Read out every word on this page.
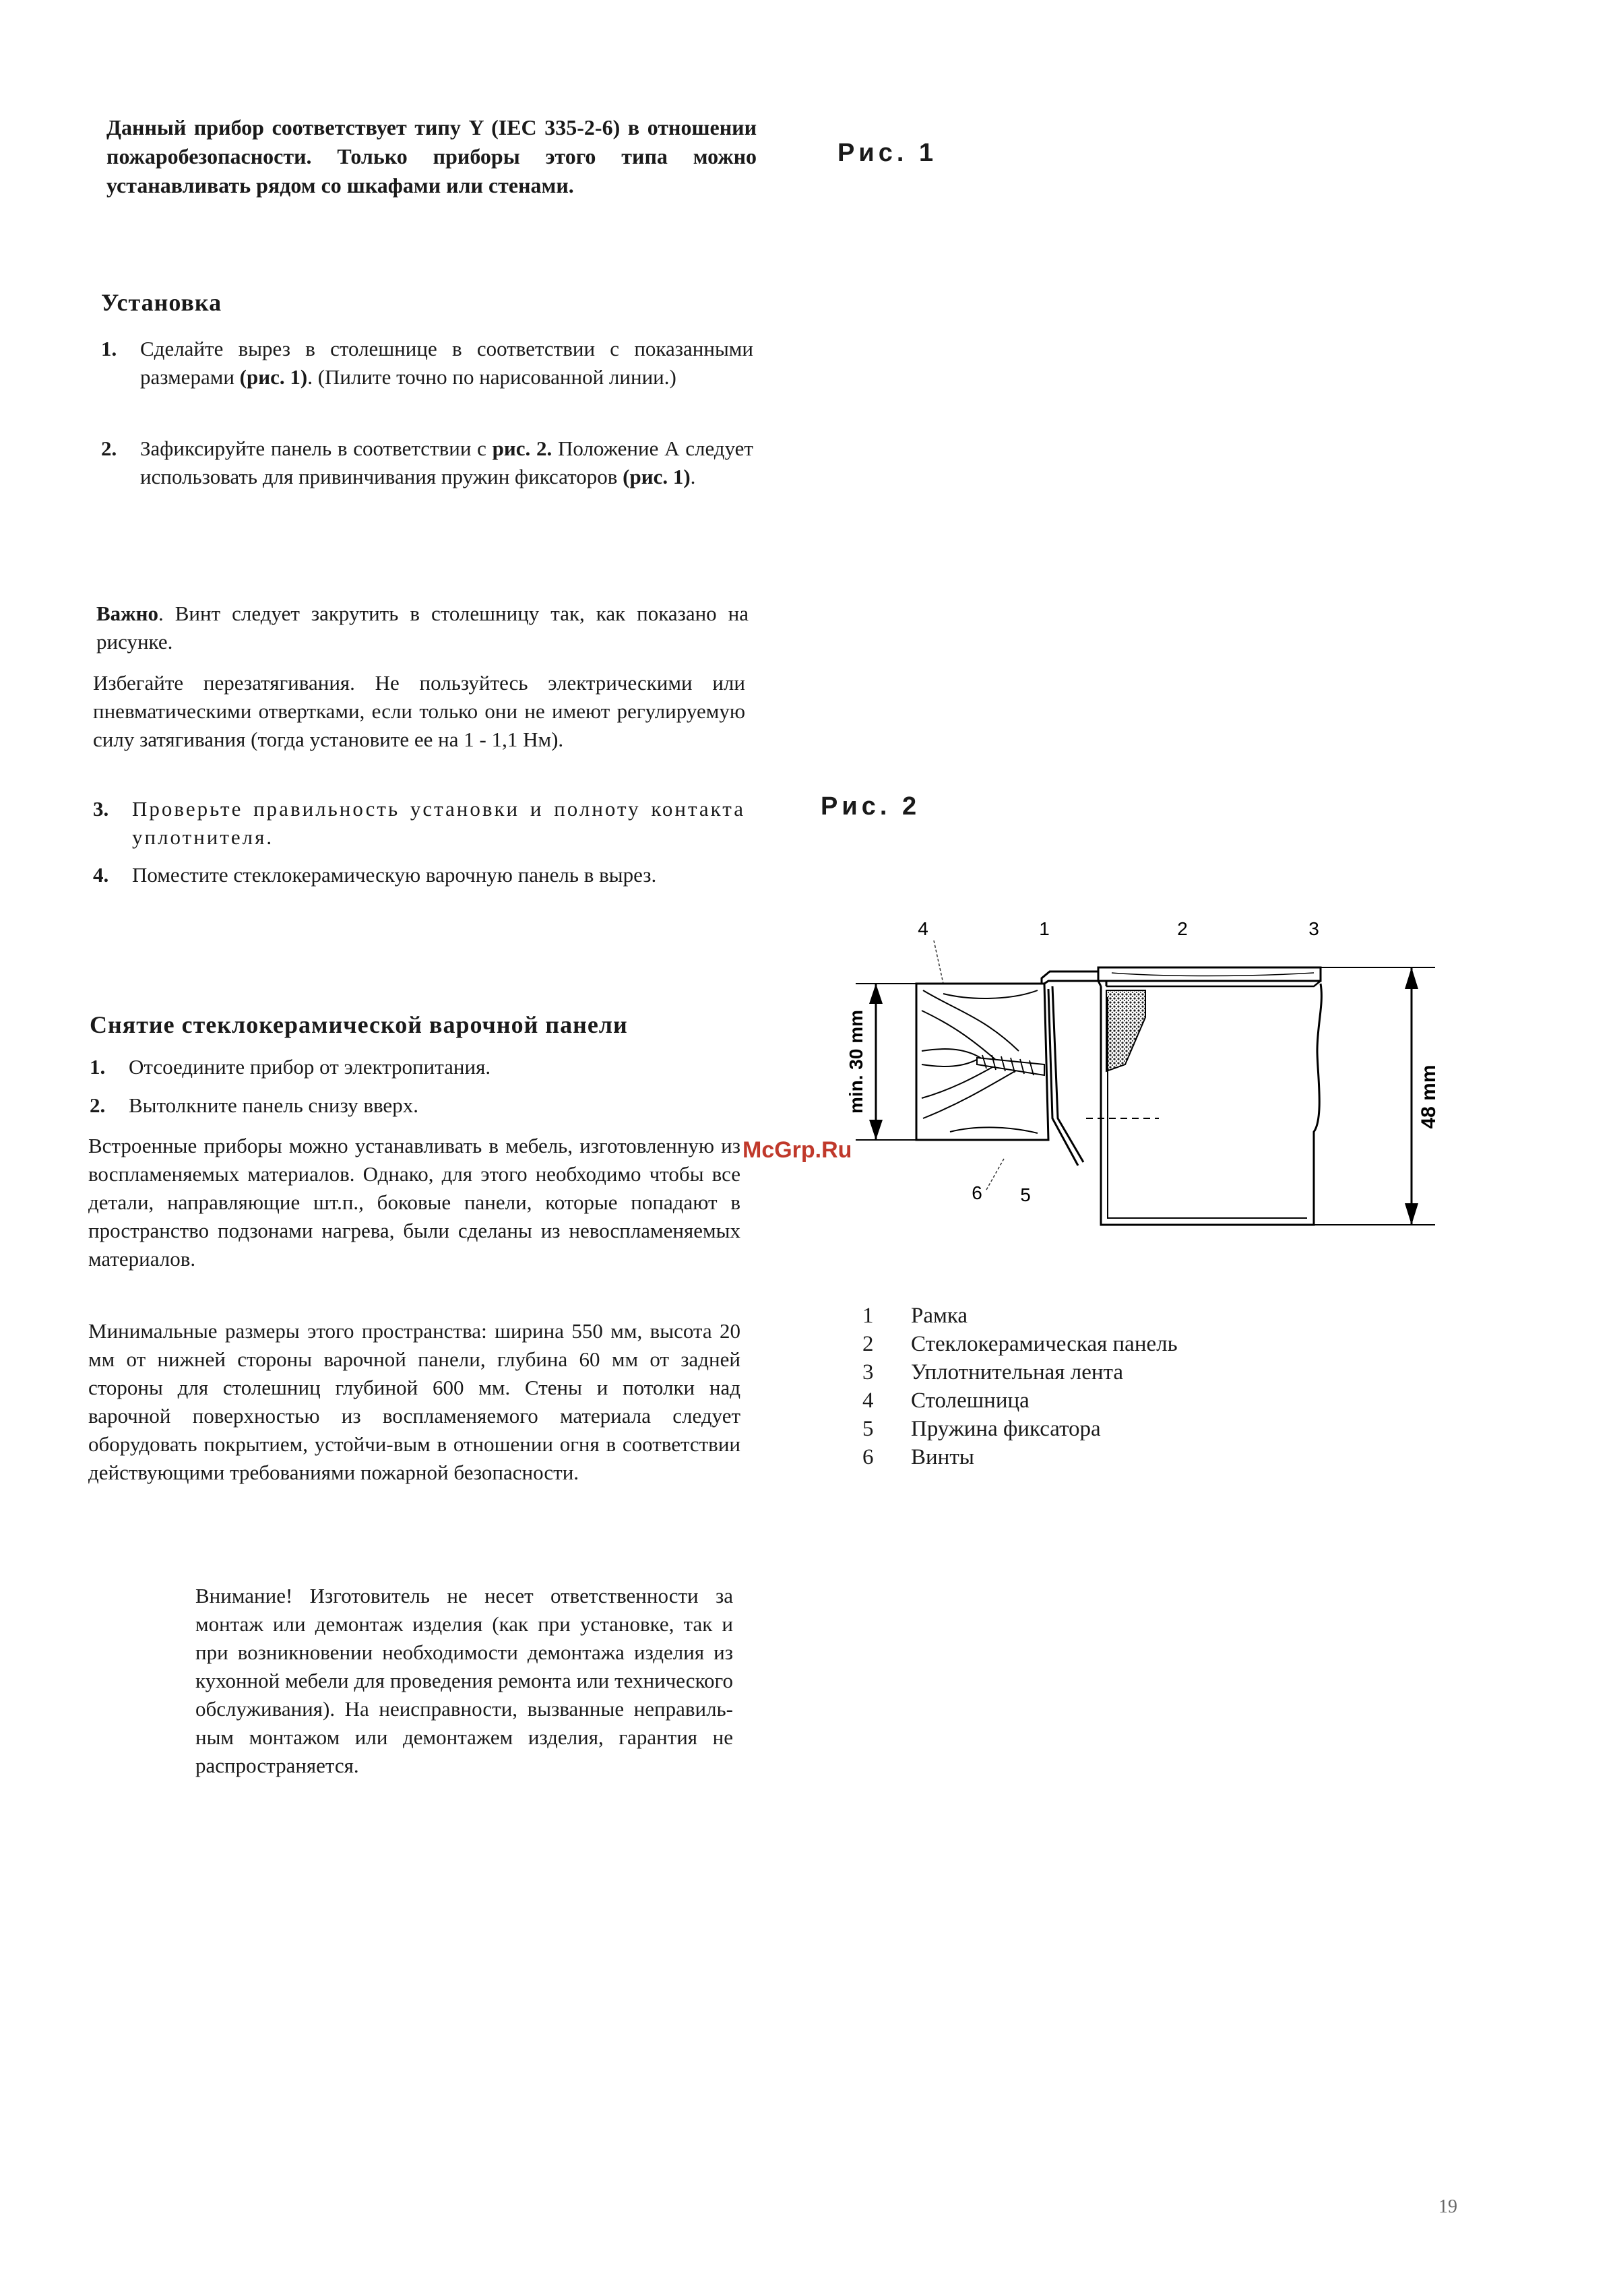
Данный прибор соответствует типу Y (IEC 335-2-6) в отношении пожаробезопасности. Только приборы этого типа можно устанавливать рядом со шкафами или стенами.
Установка
1.	Сделайте вырез в столешнице в соответствии с показанными размерами (рис. 1). (Пилите точно по нарисованной линии.)
2.	Зафиксируйте панель в соответствии с рис. 2. Положение А следует использовать для привинчивания пружин фиксаторов (рис. 1).

Важно. Винт следует закрутить в столешницу так, как показано на рисунке.

Избегайте перезатягивания. Не пользуйтесь электрическими или пневматическими отвертками, если только они не имеют регулируемую силу затягивания (тогда установите ее на 1 - 1,1 Нм).

3.	Проверьте правильность установки и полноту контакта уплотнителя.
4.	Поместите стеклокерамическую варочную панель в вырез.
Снятие стеклокерамической варочной панели
1.	Отсоедините прибор от электропитания.
2.	Вытолкните панель снизу вверх.

Встроенные приборы можно устанавливать в мебель, изготовленную из воспламеняемых материалов. Однако, для этого необходимо чтобы все детали, направляющие шт.п., боковые панели, которые попадают в пространство подзонами нагрева, были сделаны из невоспламеняемых материалов.

Минимальные размеры этого пространства: ширина 550 мм, высота 20 мм от нижней стороны варочной панели, глубина 60 мм от задней стороны для столешниц глубиной 600 мм. Стены и потолки над варочной поверхностью из воспламеняемого материала следует оборудовать покрытием, устойчи-вым в отношении огня в соответствии действующими требованиями пожарной безопасности.

Внимание! Изготовитель не несет ответственности за монтаж или демонтаж изделия (как при установке, так и при возникновении необходимости демонтажа изделия из кухонной мебели для проведения ремонта или технического обслуживания). На неисправности, вызванные неправиль-ным монтажом или демонтажем изделия, гарантия не распространяется.

Рис. 1
Рис. 2
4	1	2	3
6 5
min. 30 mm	48 mm
McGrp.Ru
1	Рамка
2	Стеклокерамическая панель
3	Уплотнительная лента
4	Столешница
5	Пружина фиксатора
6	Винты
19
